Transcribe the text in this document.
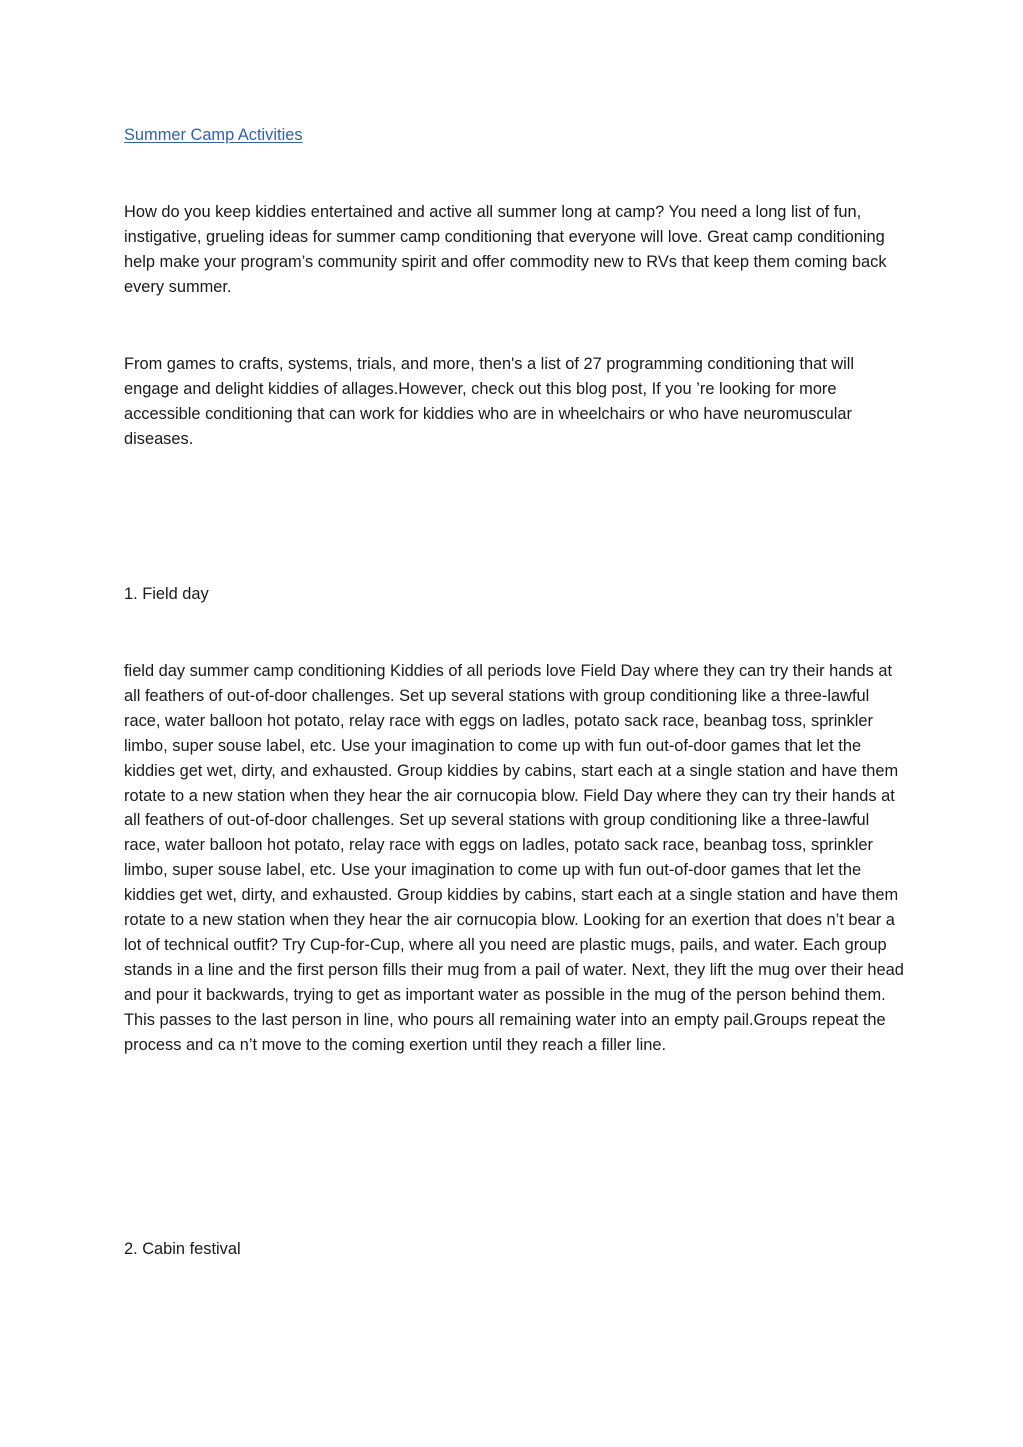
Summer Camp Activities

How do you keep kiddies entertained and active all summer long at camp? You need a long list of fun, instigative, grueling ideas for summer camp conditioning that everyone will love. Great camp conditioning help make your program’s community spirit and offer commodity new to RVs that keep them coming back every summer.

From games to crafts, systems, trials, and more, then's a list of 27 programming conditioning that will engage and delight kiddies of allages.However, check out this blog post, If you ’re looking for more accessible conditioning that can work for kiddies who are in wheelchairs or who have neuromuscular diseases.

1. Field day

field day summer camp conditioning Kiddies of all periods love Field Day where they can try their hands at all feathers of out-of-door challenges. Set up several stations with group conditioning like a three-lawful race, water balloon hot potato, relay race with eggs on ladles, potato sack race, beanbag toss, sprinkler limbo, super souse label, etc. Use your imagination to come up with fun out-of-door games that let the kiddies get wet, dirty, and exhausted. Group kiddies by cabins, start each at a single station and have them rotate to a new station when they hear the air cornucopia blow. Field Day where they can try their hands at all feathers of out-of-door challenges. Set up several stations with group conditioning like a three-lawful race, water balloon hot potato, relay race with eggs on ladles, potato sack race, beanbag toss, sprinkler limbo, super souse label, etc. Use your imagination to come up with fun out-of-door games that let the kiddies get wet, dirty, and exhausted. Group kiddies by cabins, start each at a single station and have them rotate to a new station when they hear the air cornucopia blow. Looking for an exertion that does n’t bear a lot of technical outfit? Try Cup-for-Cup, where all you need are plastic mugs, pails, and water. Each group stands in a line and the first person fills their mug from a pail of water. Next, they lift the mug over their head and pour it backwards, trying to get as important water as possible in the mug of the person behind them. This passes to the last person in line, who pours all remaining water into an empty pail.Groups repeat the process and ca n’t move to the coming exertion until they reach a filler line.

2. Cabin festival
